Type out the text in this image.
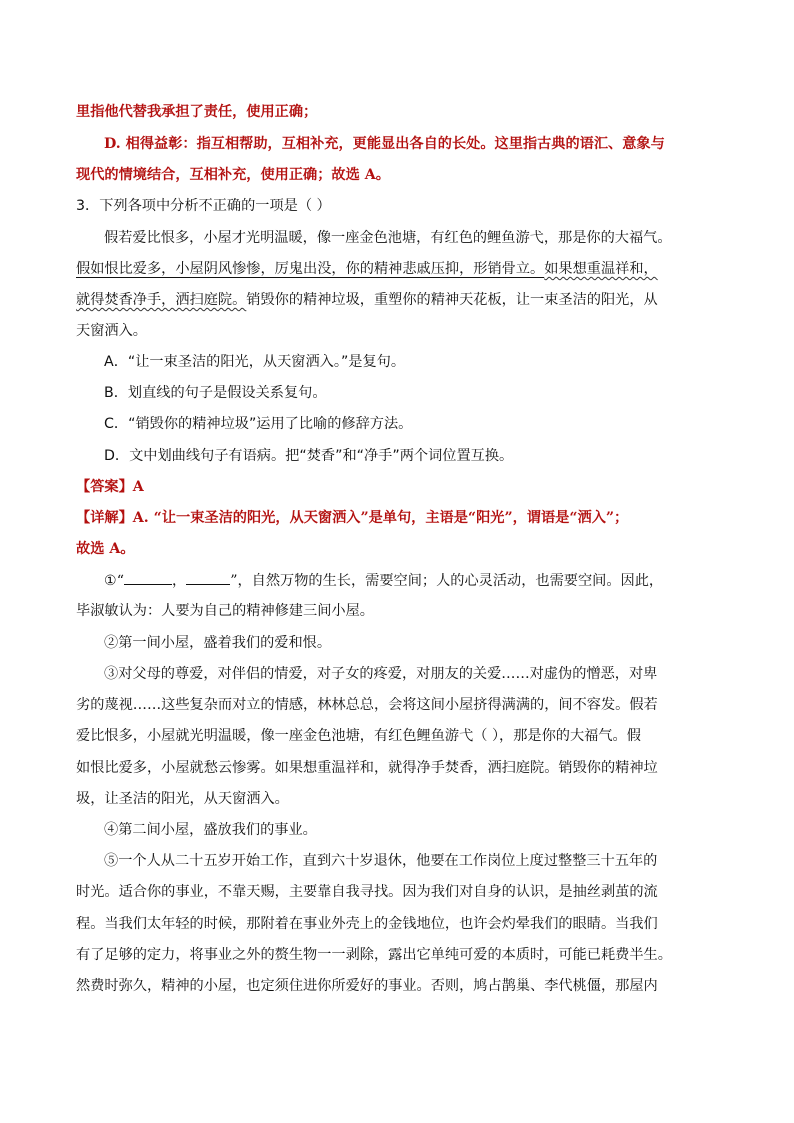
里指他代替我承担了责任，使用正确；
D. 相得益彰：指互相帮助，互相补充，更能显出各自的长处。这里指古典的语汇、意象与
现代的情境结合，互相补充，使用正确；故选 A。
3．下列各项中分析不正确的一项是（ ）
假若爱比恨多，小屋才光明温暖，像一座金色池塘，有红色的鲤鱼游弋，那是你的大福气。
假如恨比爱多，小屋阴风惨惨，厉鬼出没，你的精神悲戚压抑，形销骨立。如果想重温祥和，
就得焚香净手，洒扫庭院。销毁你的精神垃圾，重塑你的精神天花板，让一束圣洁的阳光，从
天窗洒入。
A．“让一束圣洁的阳光，从天窗洒入。”是复句。
B．划直线的句子是假设关系复句。
C．“销毁你的精神垃圾”运用了比喻的修辞方法。
D．文中划曲线句子有语病。把“焚香”和“净手”两个词位置互换。
【答案】A
【详解】A. “让一束圣洁的阳光，从天窗洒入”是单句，主语是“阳光”，谓语是“洒入”；
故选 A。
①“	，	”，自然万物的生长，需要空间；人的心灵活动，也需要空间。因此，
毕淑敏认为：人要为自己的精神修建三间小屋。
②第一间小屋，盛着我们的爱和恨。
③对父母的尊爱，对伴侣的情爱，对子女的疼爱，对朋友的关爱……对虚伪的憎恶，对卑
劣的蔑视……这些复杂而对立的情感，林林总总，会将这间小屋挤得满满的，间不容发。假若
爱比恨多，小屋就光明温暖，像一座金色池塘，有红色鲤鱼游弋（ ），那是你的大福气。假
如恨比爱多，小屋就愁云惨雾。如果想重温祥和，就得净手焚香，洒扫庭院。销毁你的精神垃
圾，让圣洁的阳光，从天窗洒入。
④第二间小屋，盛放我们的事业。
⑤一个人从二十五岁开始工作，直到六十岁退休，他要在工作岗位上度过整整三十五年的
时光。适合你的事业，不靠天赐，主要靠自我寻找。因为我们对自身的认识，是抽丝剥茧的流
程。当我们太年轻的时候，那附着在事业外壳上的金钱地位，也许会灼晕我们的眼睛。当我们
有了足够的定力，将事业之外的赘生物一一剥除，露出它单纯可爱的本质时，可能已耗费半生。
然费时弥久，精神的小屋，也定须住进你所爱好的事业。否则，鸠占鹊巢、李代桃僵，那屋内
